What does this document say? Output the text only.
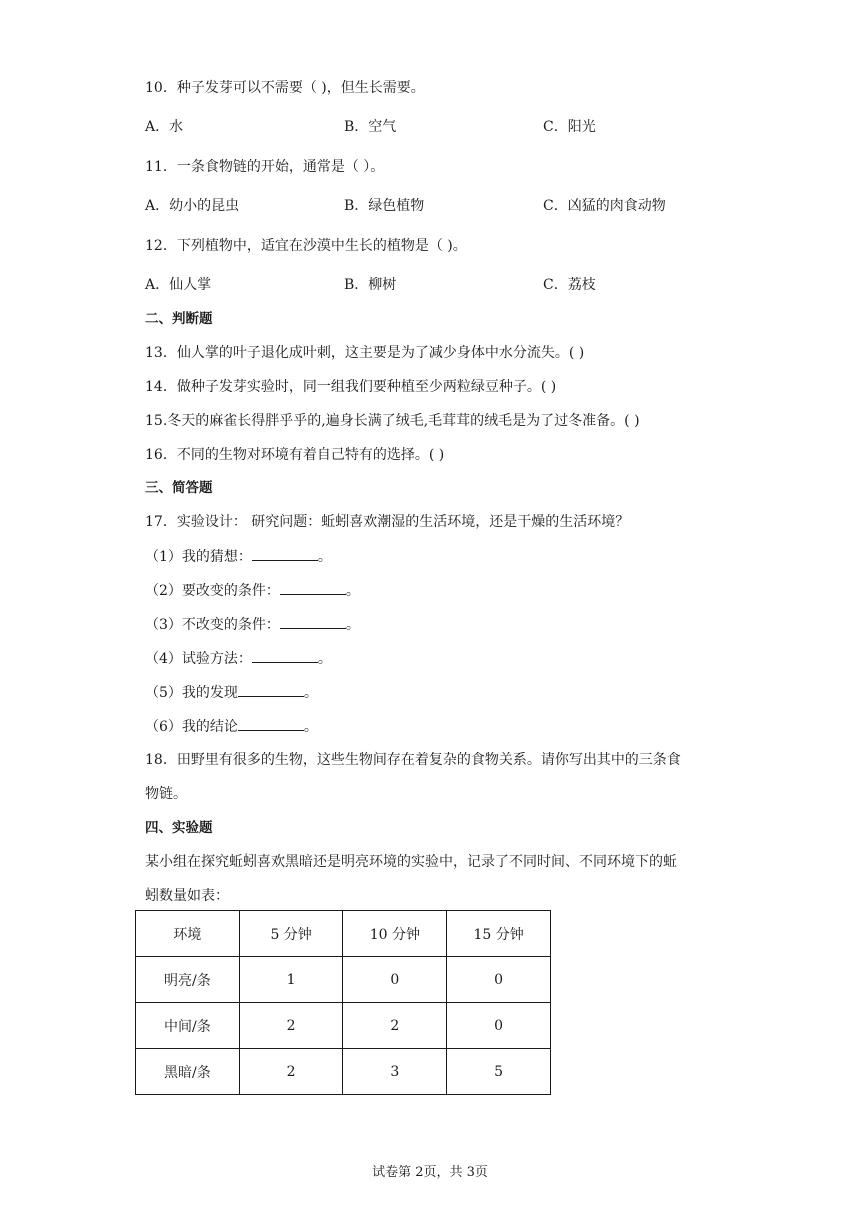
10．种子发芽可以不需要（ )，但生长需要。
A．水	B．空气	C．阳光
11．一条食物链的开始，通常是（ ）。
A．幼小的昆虫	B．绿色植物	C．凶猛的肉食动物
12．下列植物中，适宜在沙漠中生长的植物是（ )。
A．仙人掌	B．柳树	C．荔枝
二、判断题
13．仙人掌的叶子退化成叶刺，这主要是为了减少身体中水分流失。( )
14．做种子发芽实验时，同一组我们要种植至少两粒绿豆种子。( )
15.冬天的麻雀长得胖乎乎的,遍身长满了绒毛,毛茸茸的绒毛是为了过冬准备。( )
16．不同的生物对环境有着自己特有的选择。( )
三、简答题
17．实验设计： 研究问题：蚯蚓喜欢潮湿的生活环境，还是干燥的生活环境？
（1）我的猜想：	。
（2）要改变的条件：	。
（3）不改变的条件：	。
（4）试验方法：	。
（5）我的发现	。
（6）我的结论	。
18．田野里有很多的生物，这些生物间存在着复杂的食物关系。请你写出其中的三条食
物链。
四、实验题
某小组在探究蚯蚓喜欢黑暗还是明亮环境的实验中，记录了不同时间、不同环境下的蚯
蚓数量如表：
环境	5 分钟	10 分钟	15 分钟
明亮/条	1	0	0
中间/条	2	2	0
黑暗/条	2	3	5
试卷第 2页，共 3页
